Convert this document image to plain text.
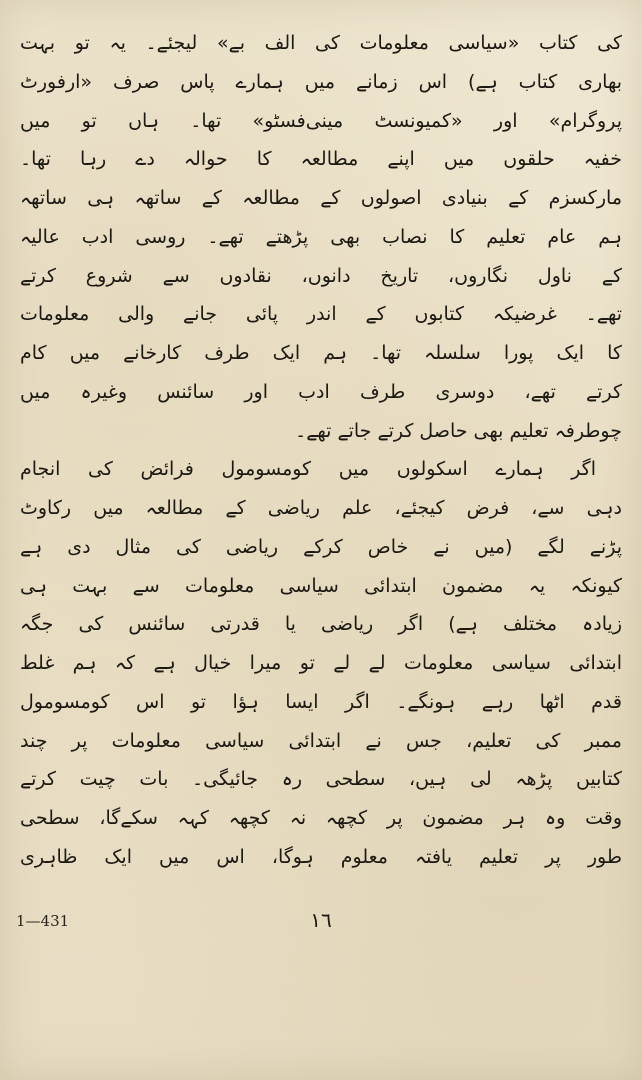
کی کتاب «سیاسی معلومات کی الف بے» لیجئے۔ یہ تو بہت
بھاری کتاب ہے) اس زمانے میں ہمارے پاس صرف «ارفورٹ
پروگرام» اور «کمیونسٹ مینی‌فسٹو» تھا۔ ہاں تو میں
خفیہ حلقوں میں اپنے مطالعہ کا حوالہ دے رہا تھا۔
مارکسزم کے بنیادی اصولوں کے مطالعہ کے ساتھہ ہی ساتھہ
ہم عام تعلیم کا نصاب بھی پڑھتے تھے۔ روسی ادب عالیہ
کے ناول نگاروں، تاریخ دانوں، نقادوں سے شروع کرتے
تھے۔ غرضیکہ کتابوں کے اندر پائی جانے والی معلومات
کا ایک پورا سلسلہ تھا۔ ہم ایک طرف کارخانے میں کام
کرتے تھے، دوسری طرف ادب اور سائنس وغیرہ میں
چوطرفہ تعلیم بھی حاصل کرتے جاتے تھے۔
اگر ہمارے اسکولوں میں کومسومول فرائض کی انجام
دہی سے، فرض کیجئے، علم ریاضی کے مطالعہ میں رکاوٹ
پڑنے لگے (میں نے خاص کرکے ریاضی کی مثال دی ہے
کیونکہ یہ مضمون ابتدائی سیاسی معلومات سے بہت ہی
زیادہ مختلف ہے) اگر ریاضی یا قدرتی سائنس کی جگہ
ابتدائی سیاسی معلومات لے لے تو میرا خیال ہے کہ ہم غلط
قدم اٹھا رہے ہونگے۔ اگر ایسا ہؤا تو اس کومسومول
ممبر کی تعلیم، جس نے ابتدائی سیاسی معلومات پر چند
کتابیں پڑھہ لی ہیں، سطحی رہ جائیگی۔ بات چیت کرتے
وقت وہ ہر مضمون پر کچھہ نہ کچھہ کہہ سکےگا، سطحی
طور پر تعلیم یافتہ معلوم ہوگا، اس میں ایک ظاہری
1—431	١٦
